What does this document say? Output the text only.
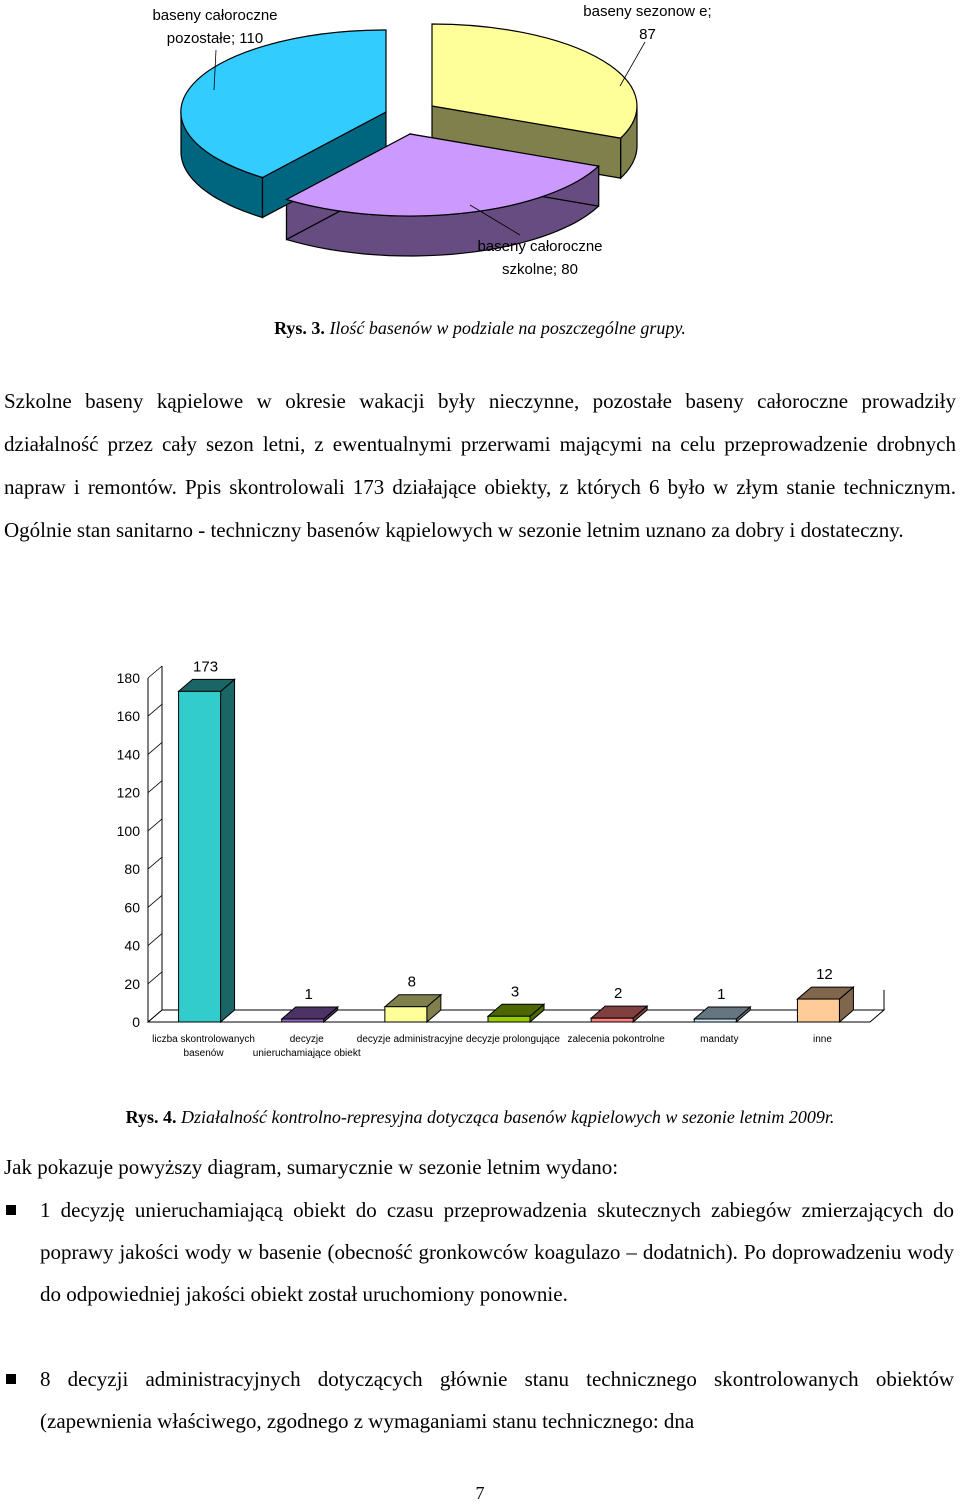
baseny całoroczne
pozostałe; 110
baseny sezonow e;
87
baseny całoroczne
szkolne; 80
Rys. 3. Ilość basenów w podziale na poszczególne grupy.
Szkolne baseny kąpielowe w okresie wakacji były nieczynne, pozostałe baseny całoroczne prowadziły działalność przez cały sezon letni, z ewentualnymi przerwami mającymi na celu przeprowadzenie drobnych napraw i remontów. Ppis skontrolowali 173 działające obiekty, z których 6 było w złym stanie technicznym. Ogólnie stan sanitarno - techniczny basenów kąpielowych w sezonie letnim uznano za dobry i dostateczny.
0
20
40
60
80
100
120
140
160
180
173
liczba skontrolowanych
basenów
1
decyzje
unieruchamiające obiekt
8
decyzje administracyjne
3
decyzje prolongujące
2
zalecenia pokontrolne
1
mandaty
12
inne
Rys. 4. Działalność kontrolno-represyjna dotycząca basenów kąpielowych w sezonie letnim 2009r.
Jak pokazuje powyższy diagram, sumarycznie w sezonie letnim wydano:
1 decyzję unieruchamiającą obiekt do czasu przeprowadzenia skutecznych zabiegów zmierzających do poprawy jakości wody w basenie (obecność gronkowców koagulazo – dodatnich). Po doprowadzeniu wody do odpowiedniej jakości obiekt został uruchomiony ponownie.
8 decyzji administracyjnych dotyczących głównie stanu technicznego skontrolowanych obiektów (zapewnienia właściwego, zgodnego z wymaganiami stanu technicznego: dna
7
